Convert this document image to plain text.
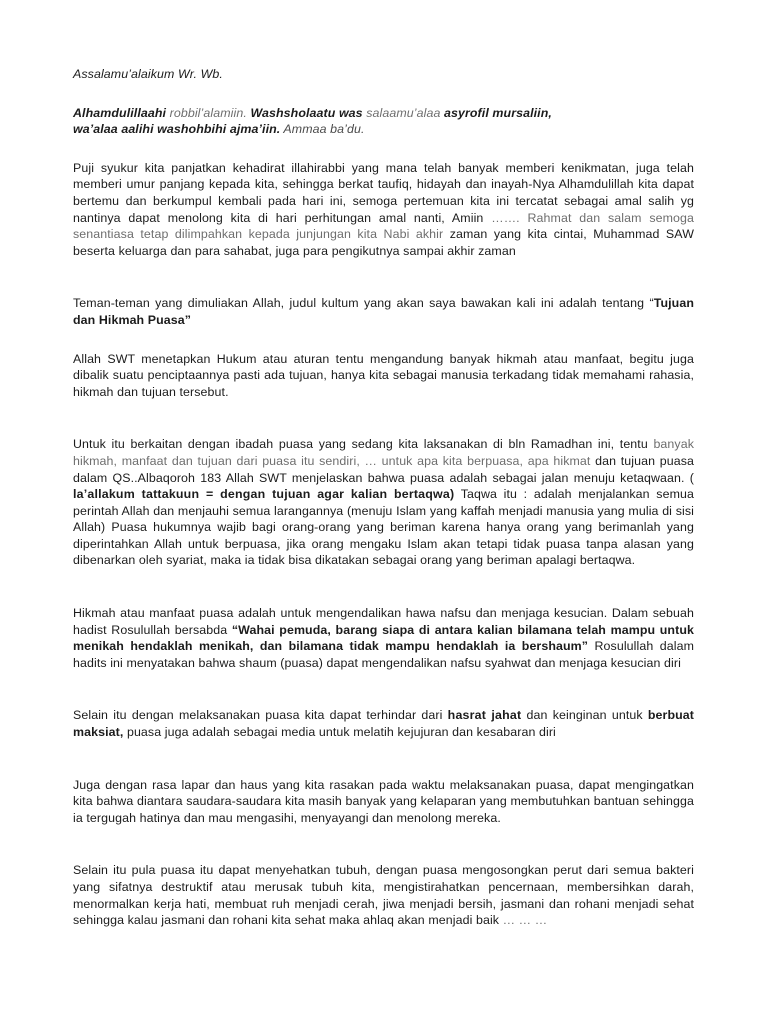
Assalamu’alaikum Wr. Wb.

Alhamdulillaahi robbil’alamiin. Washsholaatu was salaamu’alaa asyrofil mursaliin,
wa’alaa aalihi washohbihi ajma’iin. Ammaa ba’du.

Puji syukur kita panjatkan kehadirat illahirabbi yang mana telah banyak memberi kenikmatan, juga telah memberi umur panjang kepada kita, sehingga berkat taufiq, hidayah dan inayah-Nya Alhamdulillah kita dapat bertemu dan berkumpul kembali pada hari ini, semoga pertemuan kita ini tercatat sebagai amal salih yg nantinya dapat menolong kita di hari perhitungan amal nanti, Amiin ……. Rahmat dan salam semoga senantiasa tetap dilimpahkan kepada junjungan kita Nabi akhir zaman yang kita cintai, Muhammad SAW beserta keluarga dan para sahabat, juga para pengikutnya sampai akhir zaman

Teman-teman yang dimuliakan Allah, judul kultum yang akan saya bawakan kali ini adalah tentang “Tujuan dan Hikmah Puasa”

Allah SWT menetapkan Hukum atau aturan tentu mengandung banyak hikmah atau manfaat, begitu juga dibalik suatu penciptaannya pasti ada tujuan, hanya kita sebagai manusia terkadang tidak memahami rahasia, hikmah dan tujuan tersebut.

Untuk itu berkaitan dengan ibadah puasa yang sedang kita laksanakan di bln Ramadhan ini, tentu banyak hikmah, manfaat dan tujuan dari puasa itu sendiri, … untuk apa kita berpuasa, apa hikmat dan tujuan puasa dalam QS..Albaqoroh 183 Allah SWT menjelaskan bahwa puasa adalah sebagai jalan menuju ketaqwaan. ( la’allakum tattakuun = dengan tujuan agar kalian bertaqwa) Taqwa itu : adalah menjalankan semua perintah Allah dan menjauhi semua larangannya (menuju Islam yang kaffah menjadi manusia yang mulia di sisi Allah) Puasa hukumnya wajib bagi orang-orang yang beriman karena hanya orang yang berimanlah yang diperintahkan Allah untuk berpuasa, jika orang mengaku Islam akan tetapi tidak puasa tanpa alasan yang dibenarkan oleh syariat, maka ia tidak bisa dikatakan sebagai orang yang beriman apalagi bertaqwa.

Hikmah atau manfaat puasa adalah untuk mengendalikan hawa nafsu dan menjaga kesucian. Dalam sebuah hadist Rosulullah bersabda “Wahai pemuda, barang siapa di antara kalian bilamana telah mampu untuk menikah hendaklah menikah, dan bilamana tidak mampu hendaklah ia bershaum” Rosulullah dalam hadits ini menyatakan bahwa shaum (puasa) dapat mengendalikan nafsu syahwat dan menjaga kesucian diri

Selain itu dengan melaksanakan puasa kita dapat terhindar dari hasrat jahat dan keinginan untuk berbuat maksiat, puasa juga adalah sebagai media untuk melatih kejujuran dan kesabaran diri

Juga dengan rasa lapar dan haus yang kita rasakan pada waktu melaksanakan puasa, dapat mengingatkan kita bahwa diantara saudara-saudara kita masih banyak yang kelaparan yang membutuhkan bantuan sehingga ia tergugah hatinya dan mau mengasihi, menyayangi dan menolong mereka.

Selain itu pula puasa itu dapat menyehatkan tubuh, dengan puasa mengosongkan perut dari semua bakteri yang sifatnya destruktif atau merusak tubuh kita, mengistirahatkan pencernaan, membersihkan darah, menormalkan kerja hati, membuat ruh menjadi cerah, jiwa menjadi bersih, jasmani dan rohani menjadi sehat sehingga kalau jasmani dan rohani kita sehat maka ahlaq akan menjadi baik … … …
